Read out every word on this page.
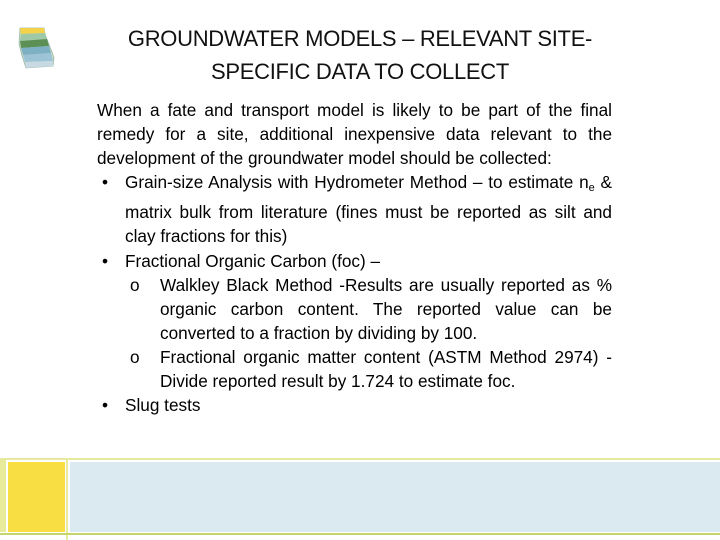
GROUNDWATER MODELS – RELEVANT SITE-
SPECIFIC DATA TO COLLECT

When a fate and transport model is likely to be part of the final remedy for a site, additional inexpensive data relevant to the development of the groundwater model should be collected:

• Grain-size Analysis with Hydrometer Method – to estimate $n_e$ & matrix bulk from literature (fines must be reported as silt and clay fractions for this)
• Fractional Organic Carbon (foc) –
o Walkley Black Method -Results are usually reported as % organic carbon content. The reported value can be converted to a fraction by dividing by 100.
o Fractional organic matter content (ASTM Method 2974) - Divide reported result by 1.724 to estimate foc.
• Slug tests
